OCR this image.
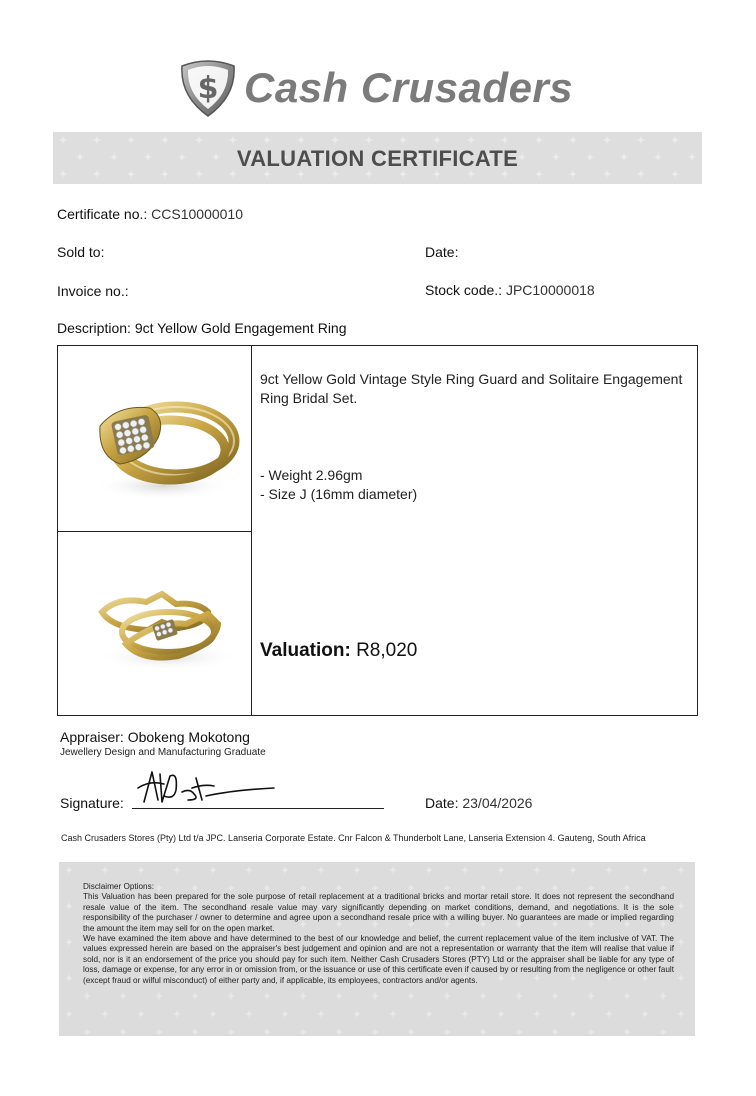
$ Cash Crusaders
VALUATION CERTIFICATE
Certificate no.: CCS10000010
Sold to:	Date:
Invoice no.:	Stock code.: JPC10000018
Description: 9ct Yellow Gold Engagement Ring
9ct Yellow Gold Vintage Style Ring Guard and Solitaire Engagement Ring Bridal Set.
- Weight 2.96gm
- Size J (16mm diameter)
Valuation: R8,020
Appraiser: Obokeng Mokotong
Jewellery Design and Manufacturing Graduate
Signature:	Date: 23/04/2026
Cash Crusaders Stores (Pty) Ltd t/a JPC. Lanseria Corporate Estate. Cnr Falcon & Thunderbolt Lane, Lanseria Extension 4. Gauteng, South Africa

Disclaimer Options:

This Valuation has been prepared for the sole purpose of retail replacement at a traditional bricks and mortar retail store. It does not represent the secondhand resale value of the item. The secondhand resale value may vary significantly depending on market conditions, demand, and negotiations. It is the sole responsibility of the purchaser / owner to determine and agree upon a secondhand resale price with a willing buyer. No guarantees are made or implied regarding the amount the item may sell for on the open market.

We have examined the item above and have determined to the best of our knowledge and belief, the current replacement value of the item inclusive of VAT. The values expressed herein are based on the appraiser's best judgement and opinion and are not a representation or warranty that the item will realise that value if sold, nor is it an endorsement of the price you should pay for such item. Neither Cash Crusaders Stores (PTY) Ltd or the appraiser shall be liable for any type of loss, damage or expense, for any error in or omission from, or the issuance or use of this certificate even if caused by or resulting from the negligence or other fault (except fraud or wilful misconduct) of either party and, if applicable, its employees, contractors and/or agents.
